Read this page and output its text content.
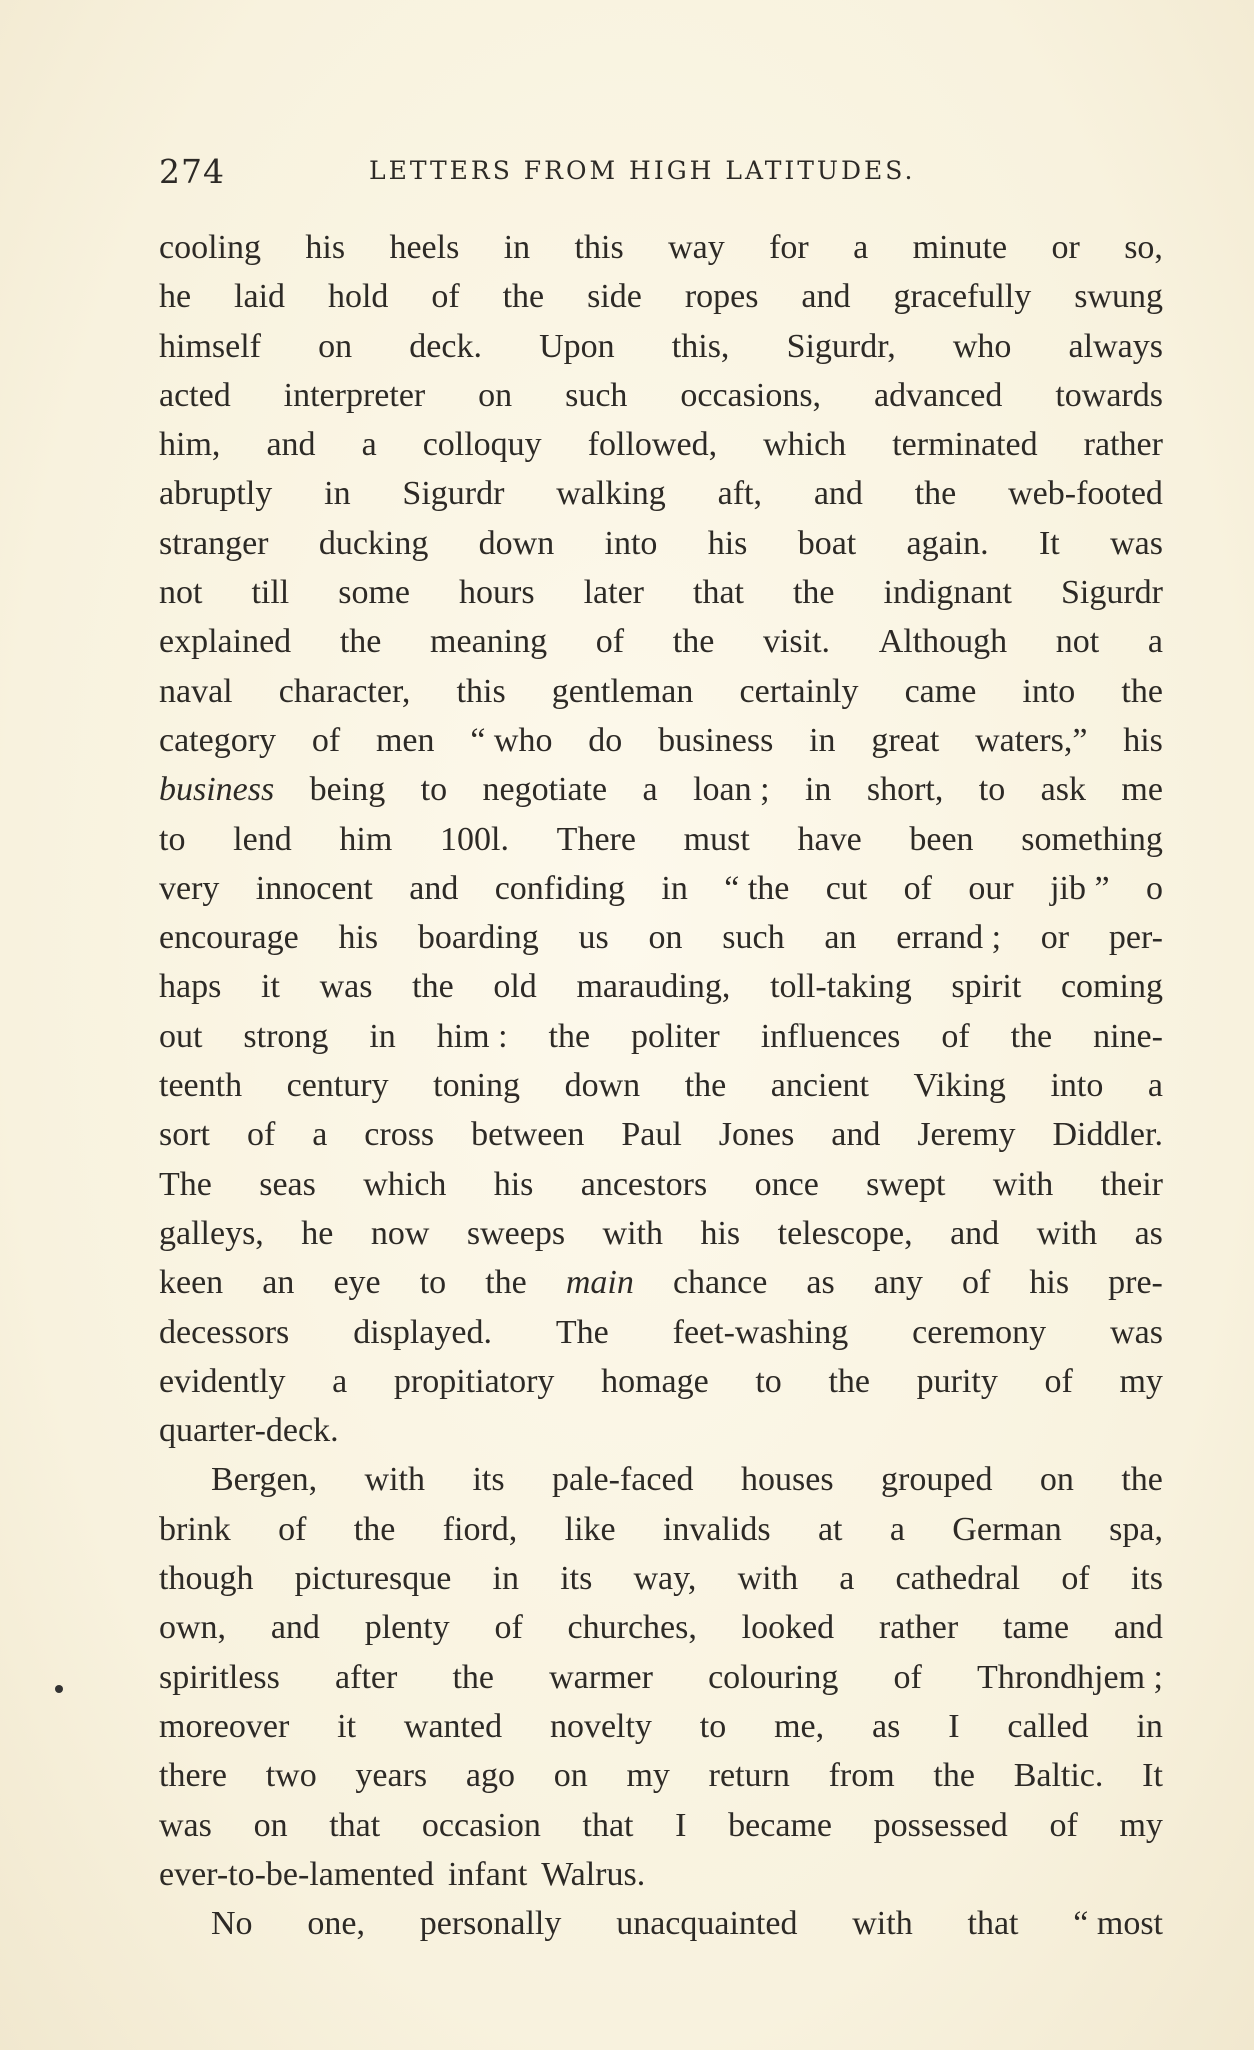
274	LETTERS FROM HIGH LATITUDES.
cooling his heels in this way for a minute or so,
he laid hold of the side ropes and gracefully swung
himself on deck. Upon this, Sigurdr, who always
acted interpreter on such occasions, advanced towards
him, and a colloquy followed, which terminated rather
abruptly in Sigurdr walking aft, and the web-footed
stranger ducking down into his boat again. It was
not till some hours later that the indignant Sigurdr
explained the meaning of the visit. Although not a
naval character, this gentleman certainly came into the
category of men “ who do business in great waters,” his
business being to negotiate a loan ; in short, to ask me
to lend him 100l. There must have been something
very innocent and confiding in “ the cut of our jib ” o
encourage his boarding us on such an errand ; or per-
haps it was the old marauding, toll-taking spirit coming
out strong in him : the politer influences of the nine-
teenth century toning down the ancient Viking into a
sort of a cross between Paul Jones and Jeremy Diddler.
The seas which his ancestors once swept with their
galleys, he now sweeps with his telescope, and with as
keen an eye to the main chance as any of his pre-
decessors displayed. The feet-washing ceremony was
evidently a propitiatory homage to the purity of my
quarter-deck.
Bergen, with its pale-faced houses grouped on the
brink of the fiord, like invalids at a German spa,
though picturesque in its way, with a cathedral of its
own, and plenty of churches, looked rather tame and
spiritless after the warmer colouring of Throndhjem ;
moreover it wanted novelty to me, as I called in
there two years ago on my return from the Baltic. It
was on that occasion that I became possessed of my
ever-to-be-lamented infant Walrus.
No one, personally unacquainted with that “ most
